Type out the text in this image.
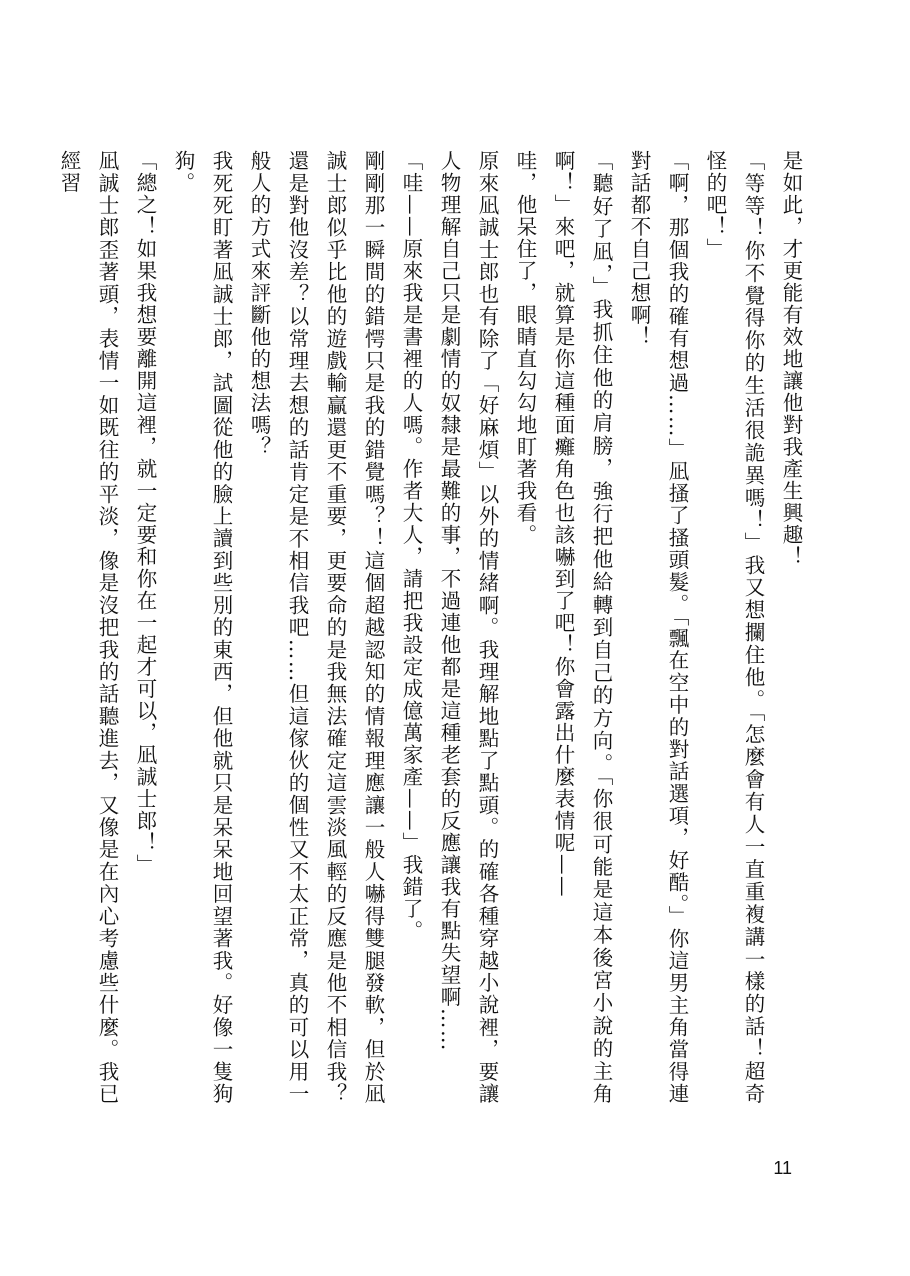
是如此，才更能有效地讓他對我產生興趣！

「等等！你不覺得你的生活很詭異嗎！」我又想攔住他。「怎麼會有人一直重複講一樣的話！超奇怪的吧！」

「啊，那個我的確有想過……」凪搔了搔頭髮。「飄在空中的對話選項，好酷。」你這男主角當得連對話都不自己想啊！

「聽好了凪，」我抓住他的肩膀，強行把他給轉到自己的方向。「你很可能是這本後宮小說的主角啊！」來吧，就算是你這種面癱角色也該嚇到了吧！你會露出什麼表情呢——

哇，他呆住了，眼睛直勾勾地盯著我看。

原來凪誠士郎也有除了「好麻煩」以外的情緒啊。我理解地點了點頭。的確各種穿越小說裡，要讓人物理解自己只是劇情的奴隸是最難的事，不過連他都是這種老套的反應讓我有點失望啊……

「哇——原來我是書裡的人嗎。作者大人，請把我設定成億萬家產——」我錯了。

剛剛那一瞬間的錯愕只是我的錯覺嗎？！這個超越認知的情報理應讓一般人嚇得雙腿發軟，但於凪誠士郎似乎比他的遊戲輸贏還更不重要，更要命的是我無法確定這雲淡風輕的反應是他不相信我？還是對他沒差？以常理去想的話肯定是不相信我吧……但這傢伙的個性又不太正常，真的可以用一般人的方式來評斷他的想法嗎？

我死死盯著凪誠士郎，試圖從他的臉上讀到些別的東西，但他就只是呆呆地回望著我。好像一隻狗狗。

「總之！如果我想要離開這裡，就一定要和你在一起才可以，凪誠士郎！」

凪誠士郎歪著頭，表情一如既往的平淡，像是沒把我的話聽進去，又像是在內心考慮些什麼。我已經習

11
